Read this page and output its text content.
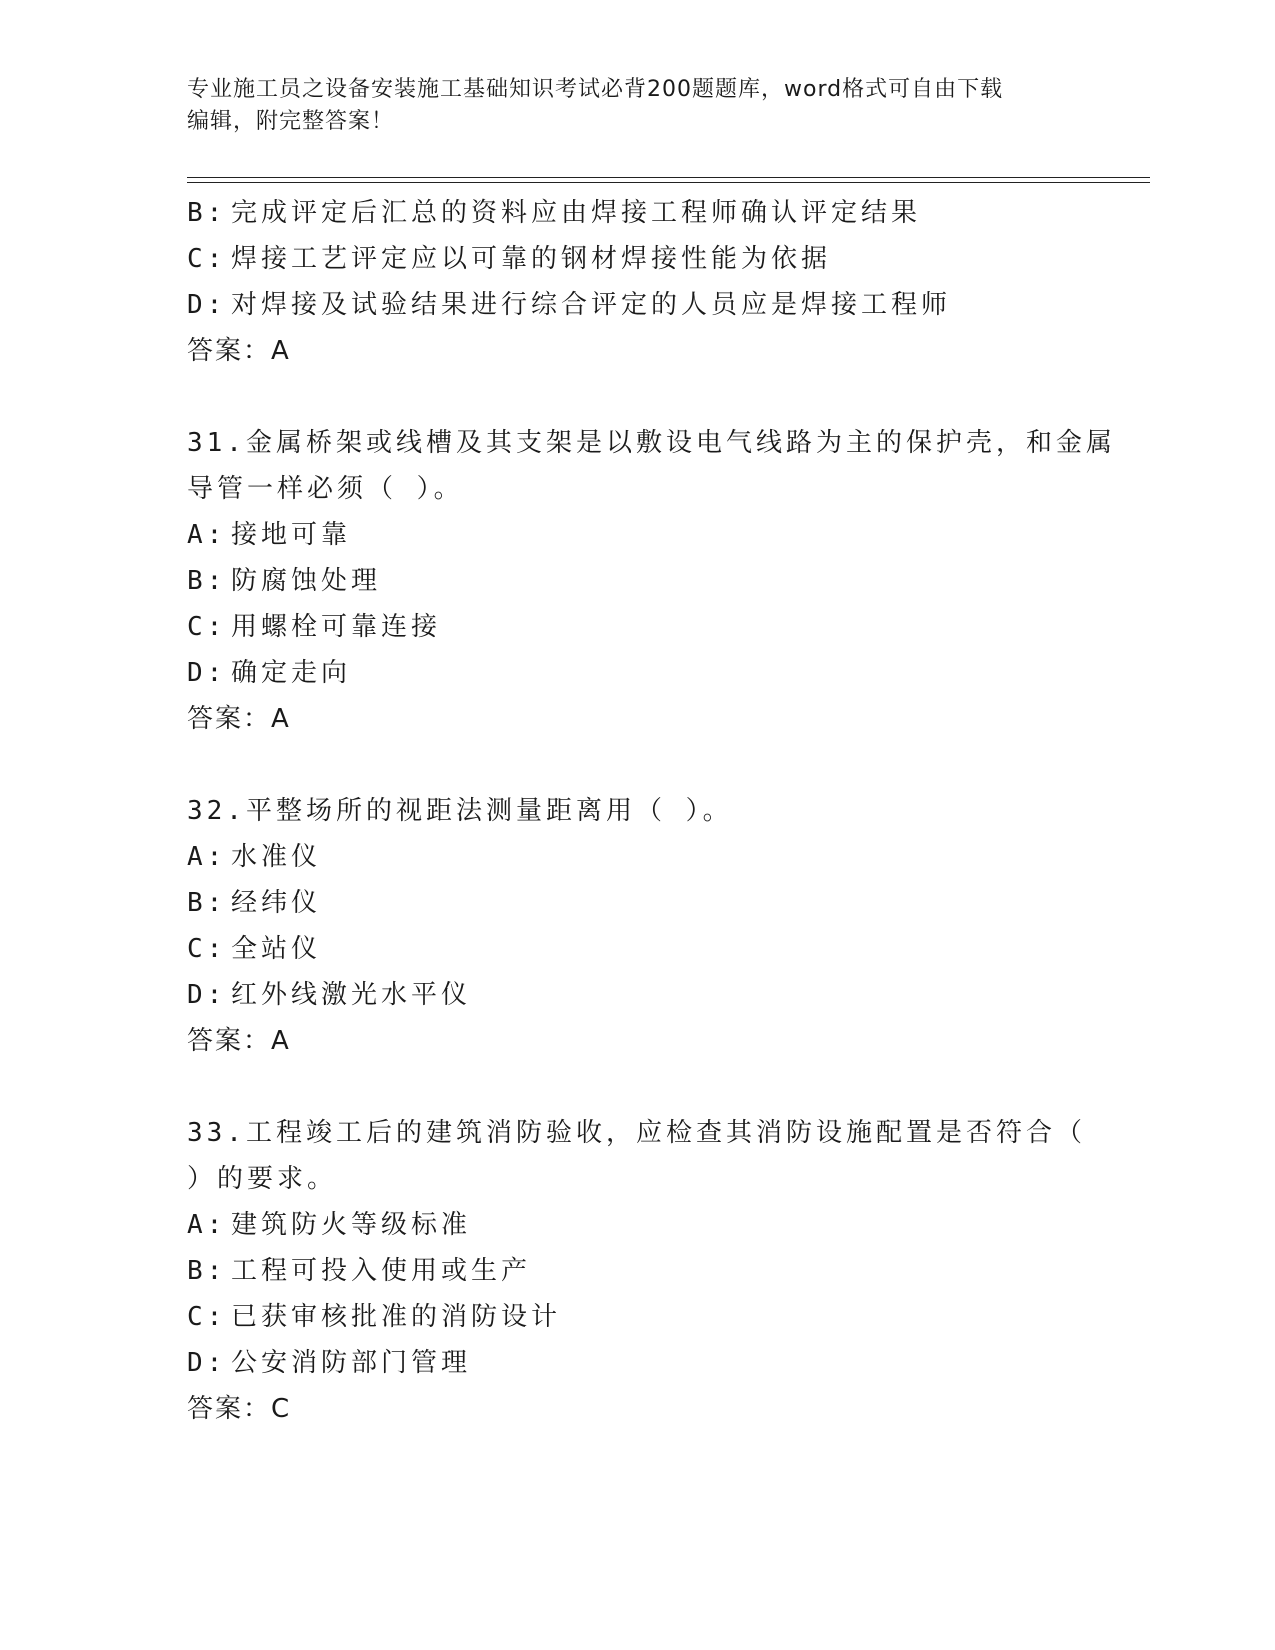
专业施工员之设备安装施工基础知识考试必背200题题库，word格式可自由下载
编辑，附完整答案！
B: 完成评定后汇总的资料应由焊接工程师确认评定结果
C: 焊接工艺评定应以可靠的钢材焊接性能为依据
D: 对焊接及试验结果进行综合评定的人员应是焊接工程师
答案：A
31.金属桥架或线槽及其支架是以敷设电气线路为主的保护壳，和金属
导管一样必须（ ）。
A: 接地可靠
B: 防腐蚀处理
C: 用螺栓可靠连接
D: 确定走向
答案：A
32.平整场所的视距法测量距离用（ ）。
A: 水准仪
B: 经纬仪
C: 全站仪
D: 红外线激光水平仪
答案：A
33.工程竣工后的建筑消防验收，应检查其消防设施配置是否符合（
）的要求。
A: 建筑防火等级标准
B: 工程可投入使用或生产
C: 已获审核批准的消防设计
D: 公安消防部门管理
答案：C
